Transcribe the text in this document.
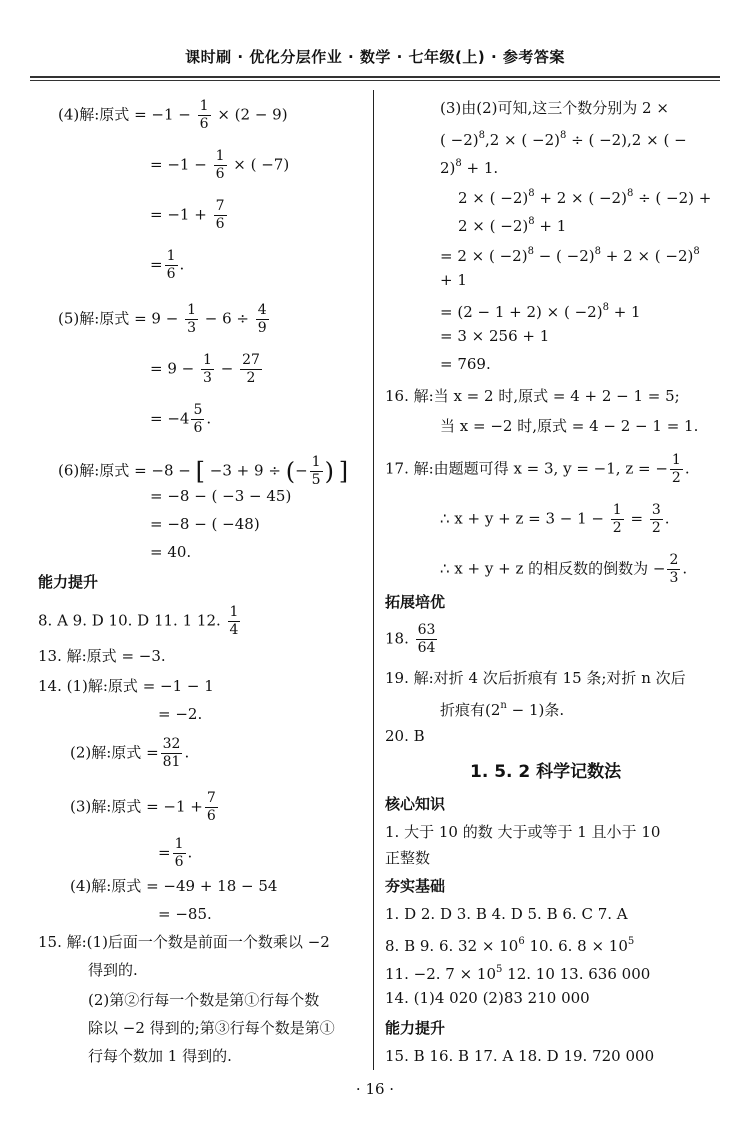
课时刷 · 优化分层作业 · 数学 · 七年级(上) · 参考答案
(4)解:原式 = $-1 - \frac{1}{6} \times (2 - 9)$
= $-1 - \frac{1}{6}$ × ( −7)
= $-1 + \frac{7}{6}$
= $\frac{1}{6}$ .
(5)解:原式 = $9 - \frac{1}{3} - 6 \div \frac{4}{9}$
= $9 - \frac{1}{3} - \frac{27}{2}$
= $-4 \frac{5}{6}$ .
(6)解:原式 = −8 − [ −3 + 9 ÷ (− $\frac{1}{5}$ ) ]
= −8 − ( −3 − 45)
= −8 − ( −48)
= 40.
能力提升
8. A 9. D 10. D 11. 1 12. $\frac{1}{4}$
13. 解:原式 = −3.
14. (1)解:原式 = −1 − 1
= −2.
(2)解:原式 = $\frac{32}{81}$ .
(3)解:原式 = $-1 + \frac{7}{6}$
= $\frac{1}{6}$ .
(4)解:原式 = −49 + 18 − 54
= −85.
15. 解:(1)后面一个数是前面一个数乘以 −2
得到的.
(2)第②行每一个数是第①行每个数
除以 −2 得到的;第③行每个数是第①
行每个数加 1 得到的.
(3)由(2)可知,这三个数分别为 2 ×
( −2)$^8$,2 × ( −2)$^8$ ÷ ( −2),2 × ( −
2)$^8$ + 1.
2 × ( −2)$^8$ + 2 × ( −2)$^8$ ÷ ( −2) +
2 × ( −2)$^8$ + 1
= 2 × ( −2)$^8$ − ( −2)$^8$ + 2 × ( −2)$^8$
+ 1
= (2 − 1 + 2) × ( −2)$^8$ + 1
= 3 × 256 + 1
= 769.
16. 解:当 x = 2 时,原式 = 4 + 2 − 1 = 5;
当 x = −2 时,原式 = 4 − 2 − 1 = 1.
17. 解:由题题可得 x = 3, y = −1, z = − $\frac{1}{2}$ .
∴ $x + y + z = 3 - 1 - \frac{1}{2} = \frac{3}{2}$ .
∴ x + y + z 的相反数的倒数为 − $\frac{2}{3}$ .
拓展培优
18. $\frac{63}{64}$
19. 解:对折 4 次后折痕有 15 条;对折 n 次后
折痕有$(2^n - 1)$条.
20. B
1. 5. 2 科学记数法
核心知识
1. 大于 10 的数 大于或等于 1 且小于 10
正整数
夯实基础
1. D 2. D 3. B 4. D 5. B 6. C 7. A
8. B 9. 6. $32 \times 10^6$ 10. 6. $8 \times 10^5$
11. −2. $7 \times 10^5$ 12. 10 13. 636 000
14. (1)4 020 (2)83 210 000
能力提升
15. B 16. B 17. A 18. D 19. 720 000
· 16 ·
